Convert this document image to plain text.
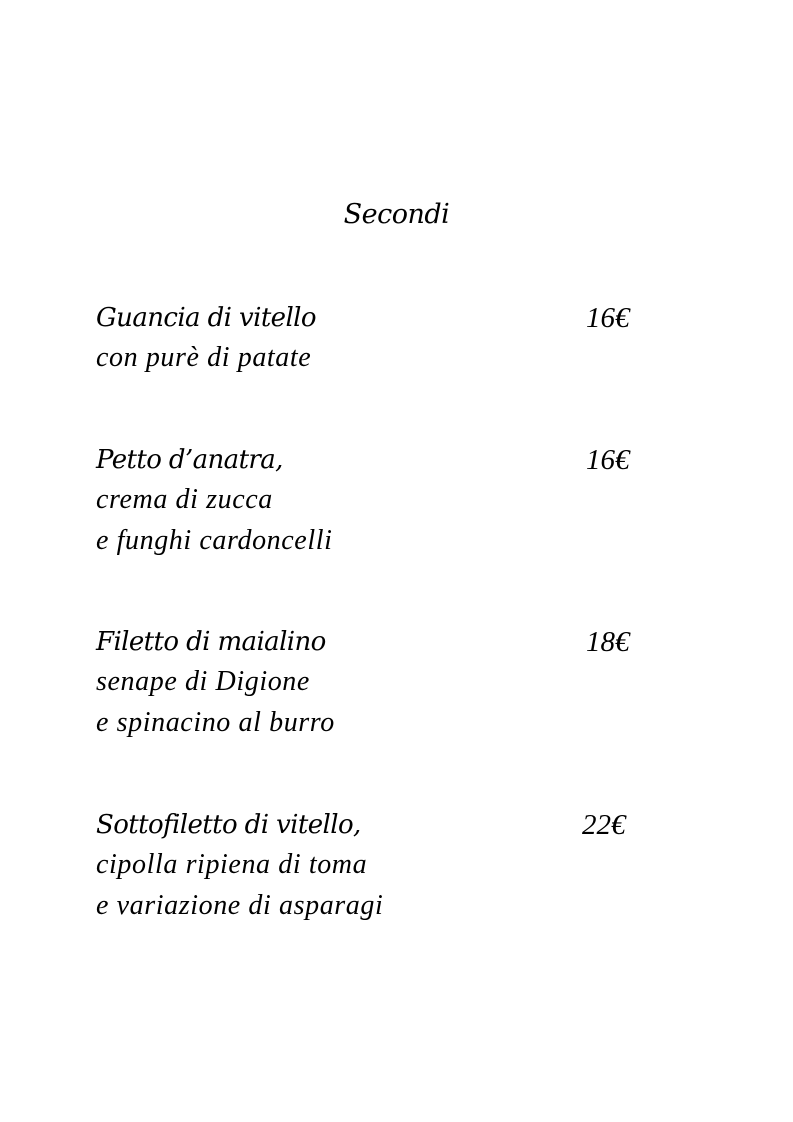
Secondi
Guancia di vitello	16€
con purè di patate
Petto d’anatra,	16€
crema di zucca
e funghi cardoncelli
Filetto di maialino	18€
senape di Digione
e spinacino al burro
Sottofiletto di vitello,	22€
cipolla ripiena di toma
e variazione di asparagi
